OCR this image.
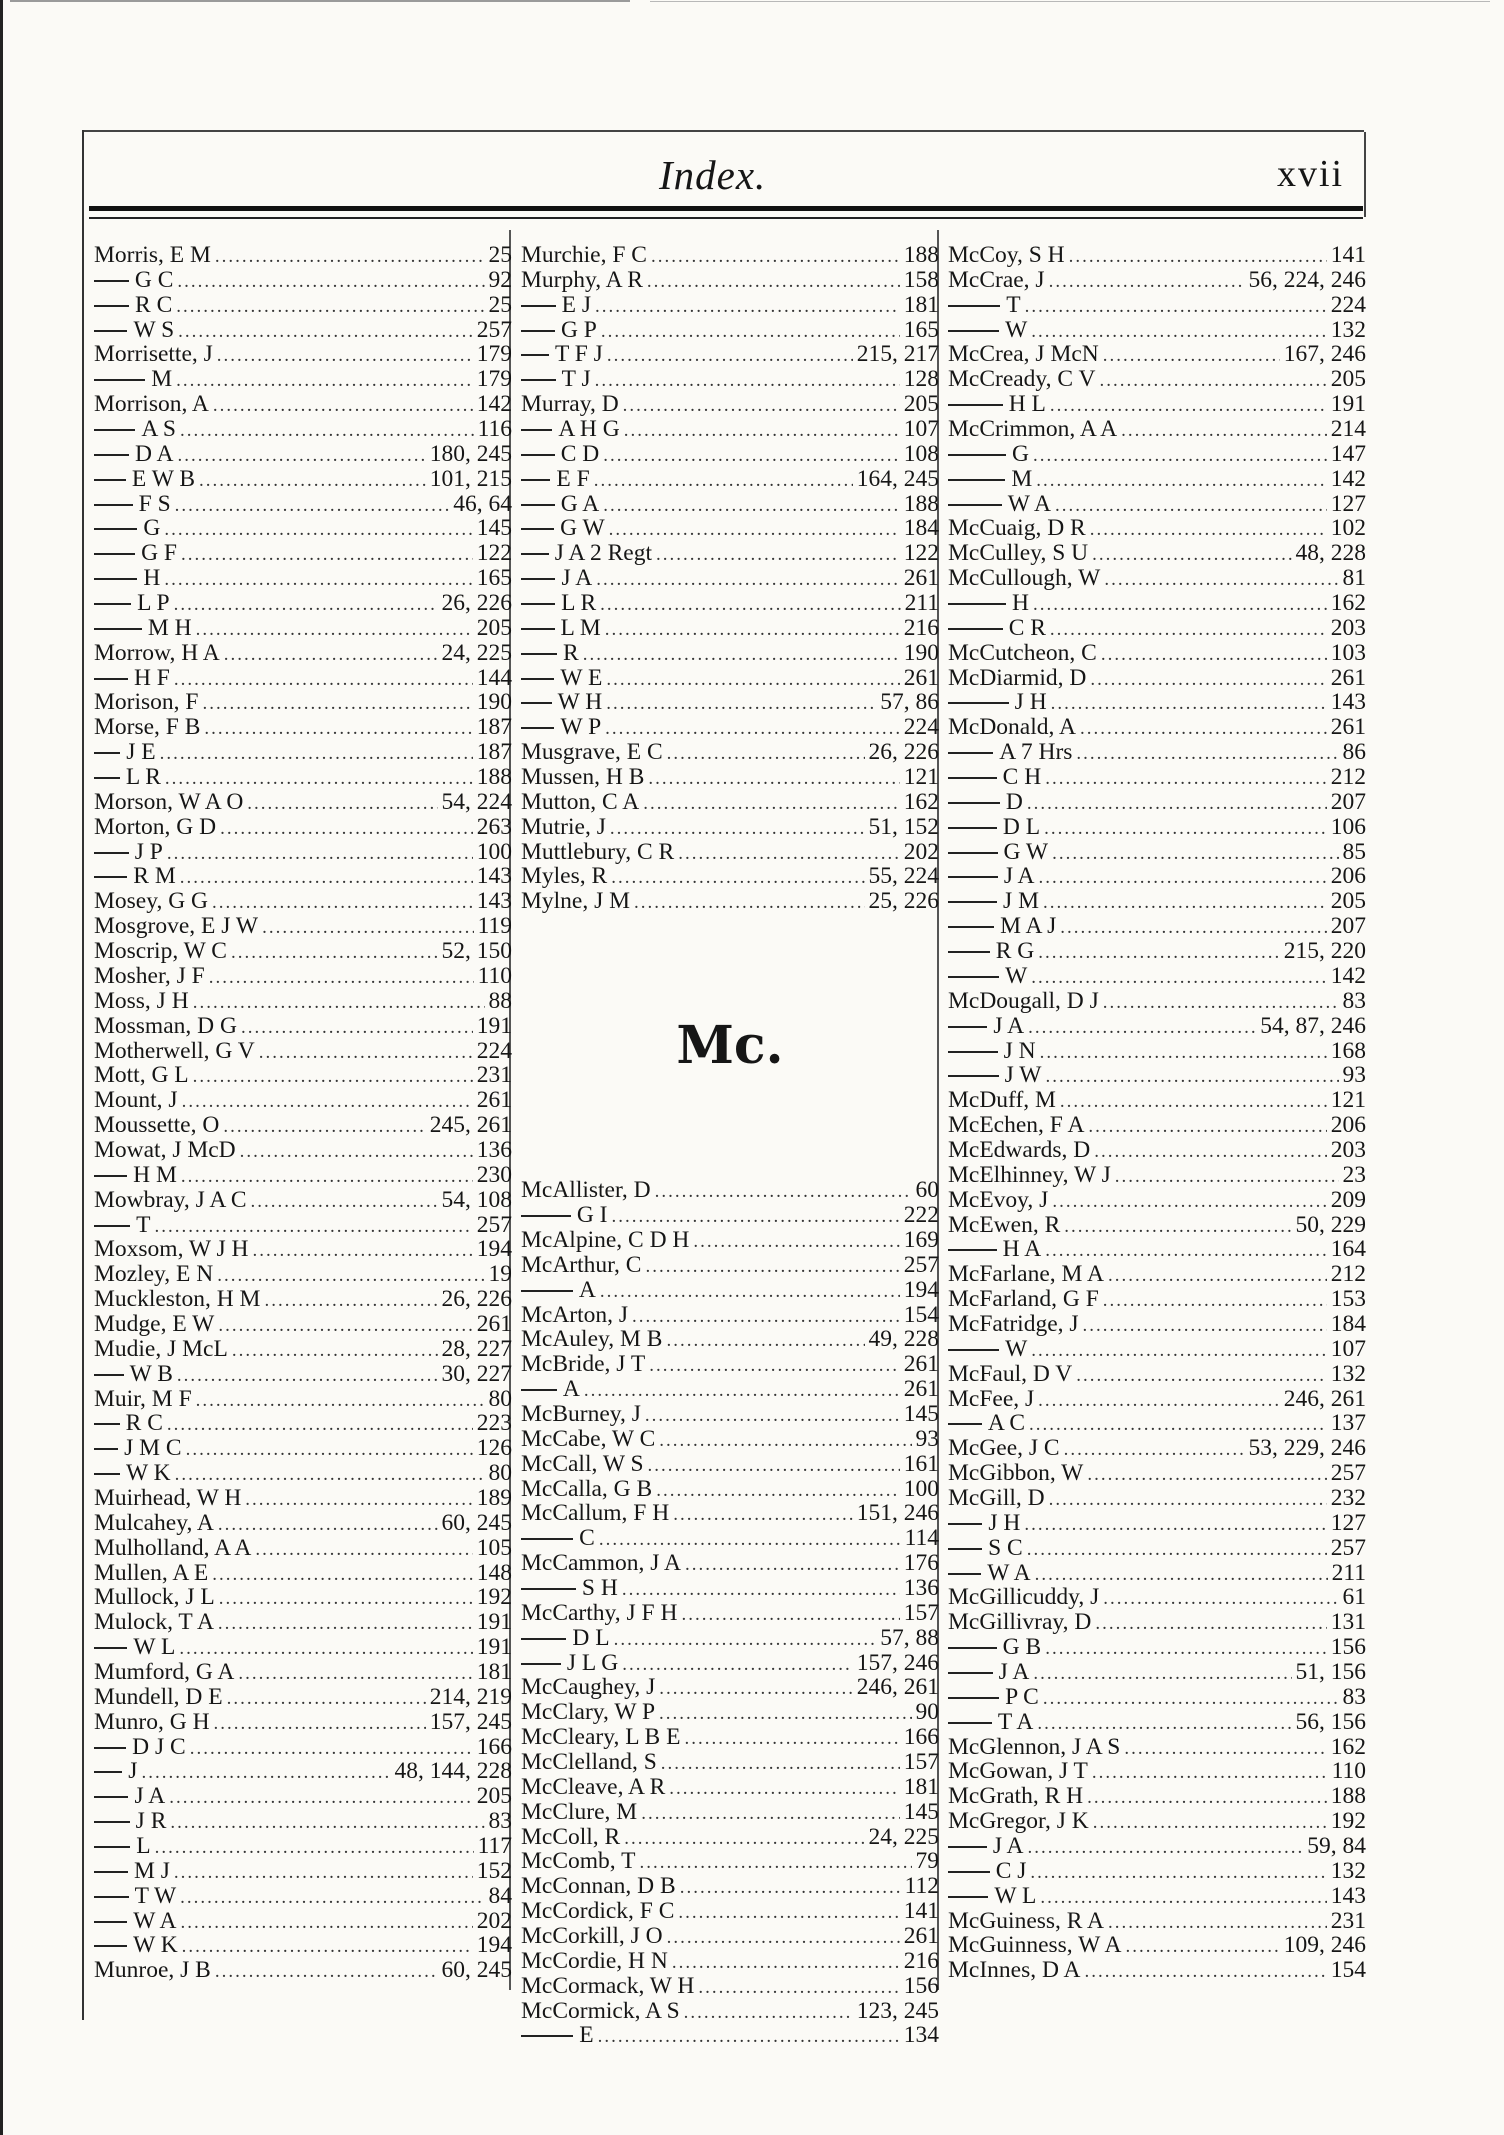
Index.	xvii
Morris, E M .....	25
G C .....	92
R C .....	25
W S .....	257
Morrisette, J .....	179
M .....	179
Morrison, A .....	142
A S .....	116
D A .....	180, 245
E W B .....	101, 215
F S .....	46, 64
G .....	145
G F .....	122
H .....	165
L P .....	26, 226
M H .....	205
Morrow, H A .....	24, 225
H F .....	144
Morison, F .....	190
Morse, F B .....	187
J E .....	187
L R .....	188
Morson, W A O .....	54, 224
Morton, G D .....	263
J P .....	100
R M .....	143
Mosey, G G .....	143
Mosgrove, E J W .....	119
Moscrip, W C .....	52, 150
Mosher, J F .....	110
Moss, J H .....	88
Mossman, D G .....	191
Motherwell, G V .....	224
Mott, G L .....	231
Mount, J .....	261
Moussette, O .....	245, 261
Mowat, J McD .....	136
H M .....	230
Mowbray, J A C .....	54, 108
T .....	257
Moxsom, W J H .....	194
Mozley, E N .....	19
Muckleston, H M .....	26, 226
Mudge, E W .....	261
Mudie, J McL .....	28, 227
W B .....	30, 227
Muir, M F .....	80
R C .....	223
J M C .....	126
W K .....	80
Muirhead, W H .....	189
Mulcahey, A .....	60, 245
Mulholland, A A .....	105
Mullen, A E .....	148
Mullock, J L .....	192
Mulock, T A .....	191
W L .....	191
Mumford, G A .....	181
Mundell, D E .....	214, 219
Munro, G H .....	157, 245
D J C .....	166
J .....	48, 144, 228
J A .....	205
J R .....	83
L .....	117
M J .....	152
T W .....	84
W A .....	202
W K .....	194
Munroe, J B .....	60, 245
Murchie, F C .....	188
Murphy, A R .....	158
E J .....	181
G P .....	165
T F J .....	215, 217
T J .....	128
Murray, D .....	205
A H G .....	107
C D .....	108
E F .....	164, 245
G A .....	188
G W .....	184
J A 2 Regt .....	122
J A .....	261
L R .....	211
L M .....	216
R .....	190
W E .....	261
W H .....	57, 86
W P .....	224
Musgrave, E C .....	26, 226
Mussen, H B .....	121
Mutton, C A .....	162
Mutrie, J .....	51, 152
Muttlebury, C R .....	202
Myles, R .....	55, 224
Mylne, J M .....	25, 226
Mc.
McAllister, D .....	60
G I .....	222
McAlpine, C D H .....	169
McArthur, C .....	257
A .....	194
McArton, J .....	154
McAuley, M B .....	49, 228
McBride, J T .....	261
A .....	261
McBurney, J .....	145
McCabe, W C .....	93
McCall, W S .....	161
McCalla, G B .....	100
McCallum, F H .....	151, 246
C .....	114
McCammon, J A .....	176
S H .....	136
McCarthy, J F H .....	157
D L .....	57, 88
J L G .....	157, 246
McCaughey, J .....	246, 261
McClary, W P .....	90
McCleary, L B E .....	166
McClelland, S .....	157
McCleave, A R .....	181
McClure, M .....	145
McColl, R .....	24, 225
McComb, T .....	79
McConnan, D B .....	112
McCordick, F C .....	141
McCorkill, J O .....	261
McCordie, H N .....	216
McCormack, W H .....	156
McCormick, A S .....	123, 245
E .....	134
McCoy, S H .....	141
McCrae, J .....	56, 224, 246
T .....	224
W .....	132
McCrea, J McN .....	167, 246
McCready, C V .....	205
H L .....	191
McCrimmon, A A .....	214
G .....	147
M .....	142
W A .....	127
McCuaig, D R .....	102
McCulley, S U .....	48, 228
McCullough, W .....	81
H .....	162
C R .....	203
McCutcheon, C .....	103
McDiarmid, D .....	261
J H .....	143
McDonald, A .....	261
A 7 Hrs .....	86
C H .....	212
D .....	207
D L .....	106
G W .....	85
J A .....	206
J M .....	205
M A J .....	207
R G .....	215, 220
W .....	142
McDougall, D J .....	83
J A .....	54, 87, 246
J N .....	168
J W .....	93
McDuff, M .....	121
McEchen, F A .....	206
McEdwards, D .....	203
McElhinney, W J .....	23
McEvoy, J .....	209
McEwen, R .....	50, 229
H A .....	164
McFarlane, M A .....	212
McFarland, G F .....	153
McFatridge, J .....	184
W .....	107
McFaul, D V .....	132
McFee, J .....	246, 261
A C .....	137
McGee, J C .....	53, 229, 246
McGibbon, W .....	257
McGill, D .....	232
J H .....	127
S C .....	257
W A .....	211
McGillicuddy, J .....	61
McGillivray, D .....	131
G B .....	156
J A .....	51, 156
P C .....	83
T A .....	56, 156
McGlennon, J A S .....	162
McGowan, J T .....	110
McGrath, R H .....	188
McGregor, J K .....	192
J A .....	59, 84
C J .....	132
W L .....	143
McGuiness, R A .....	231
McGuinness, W A .....	109, 246
McInnes, D A .....	154
